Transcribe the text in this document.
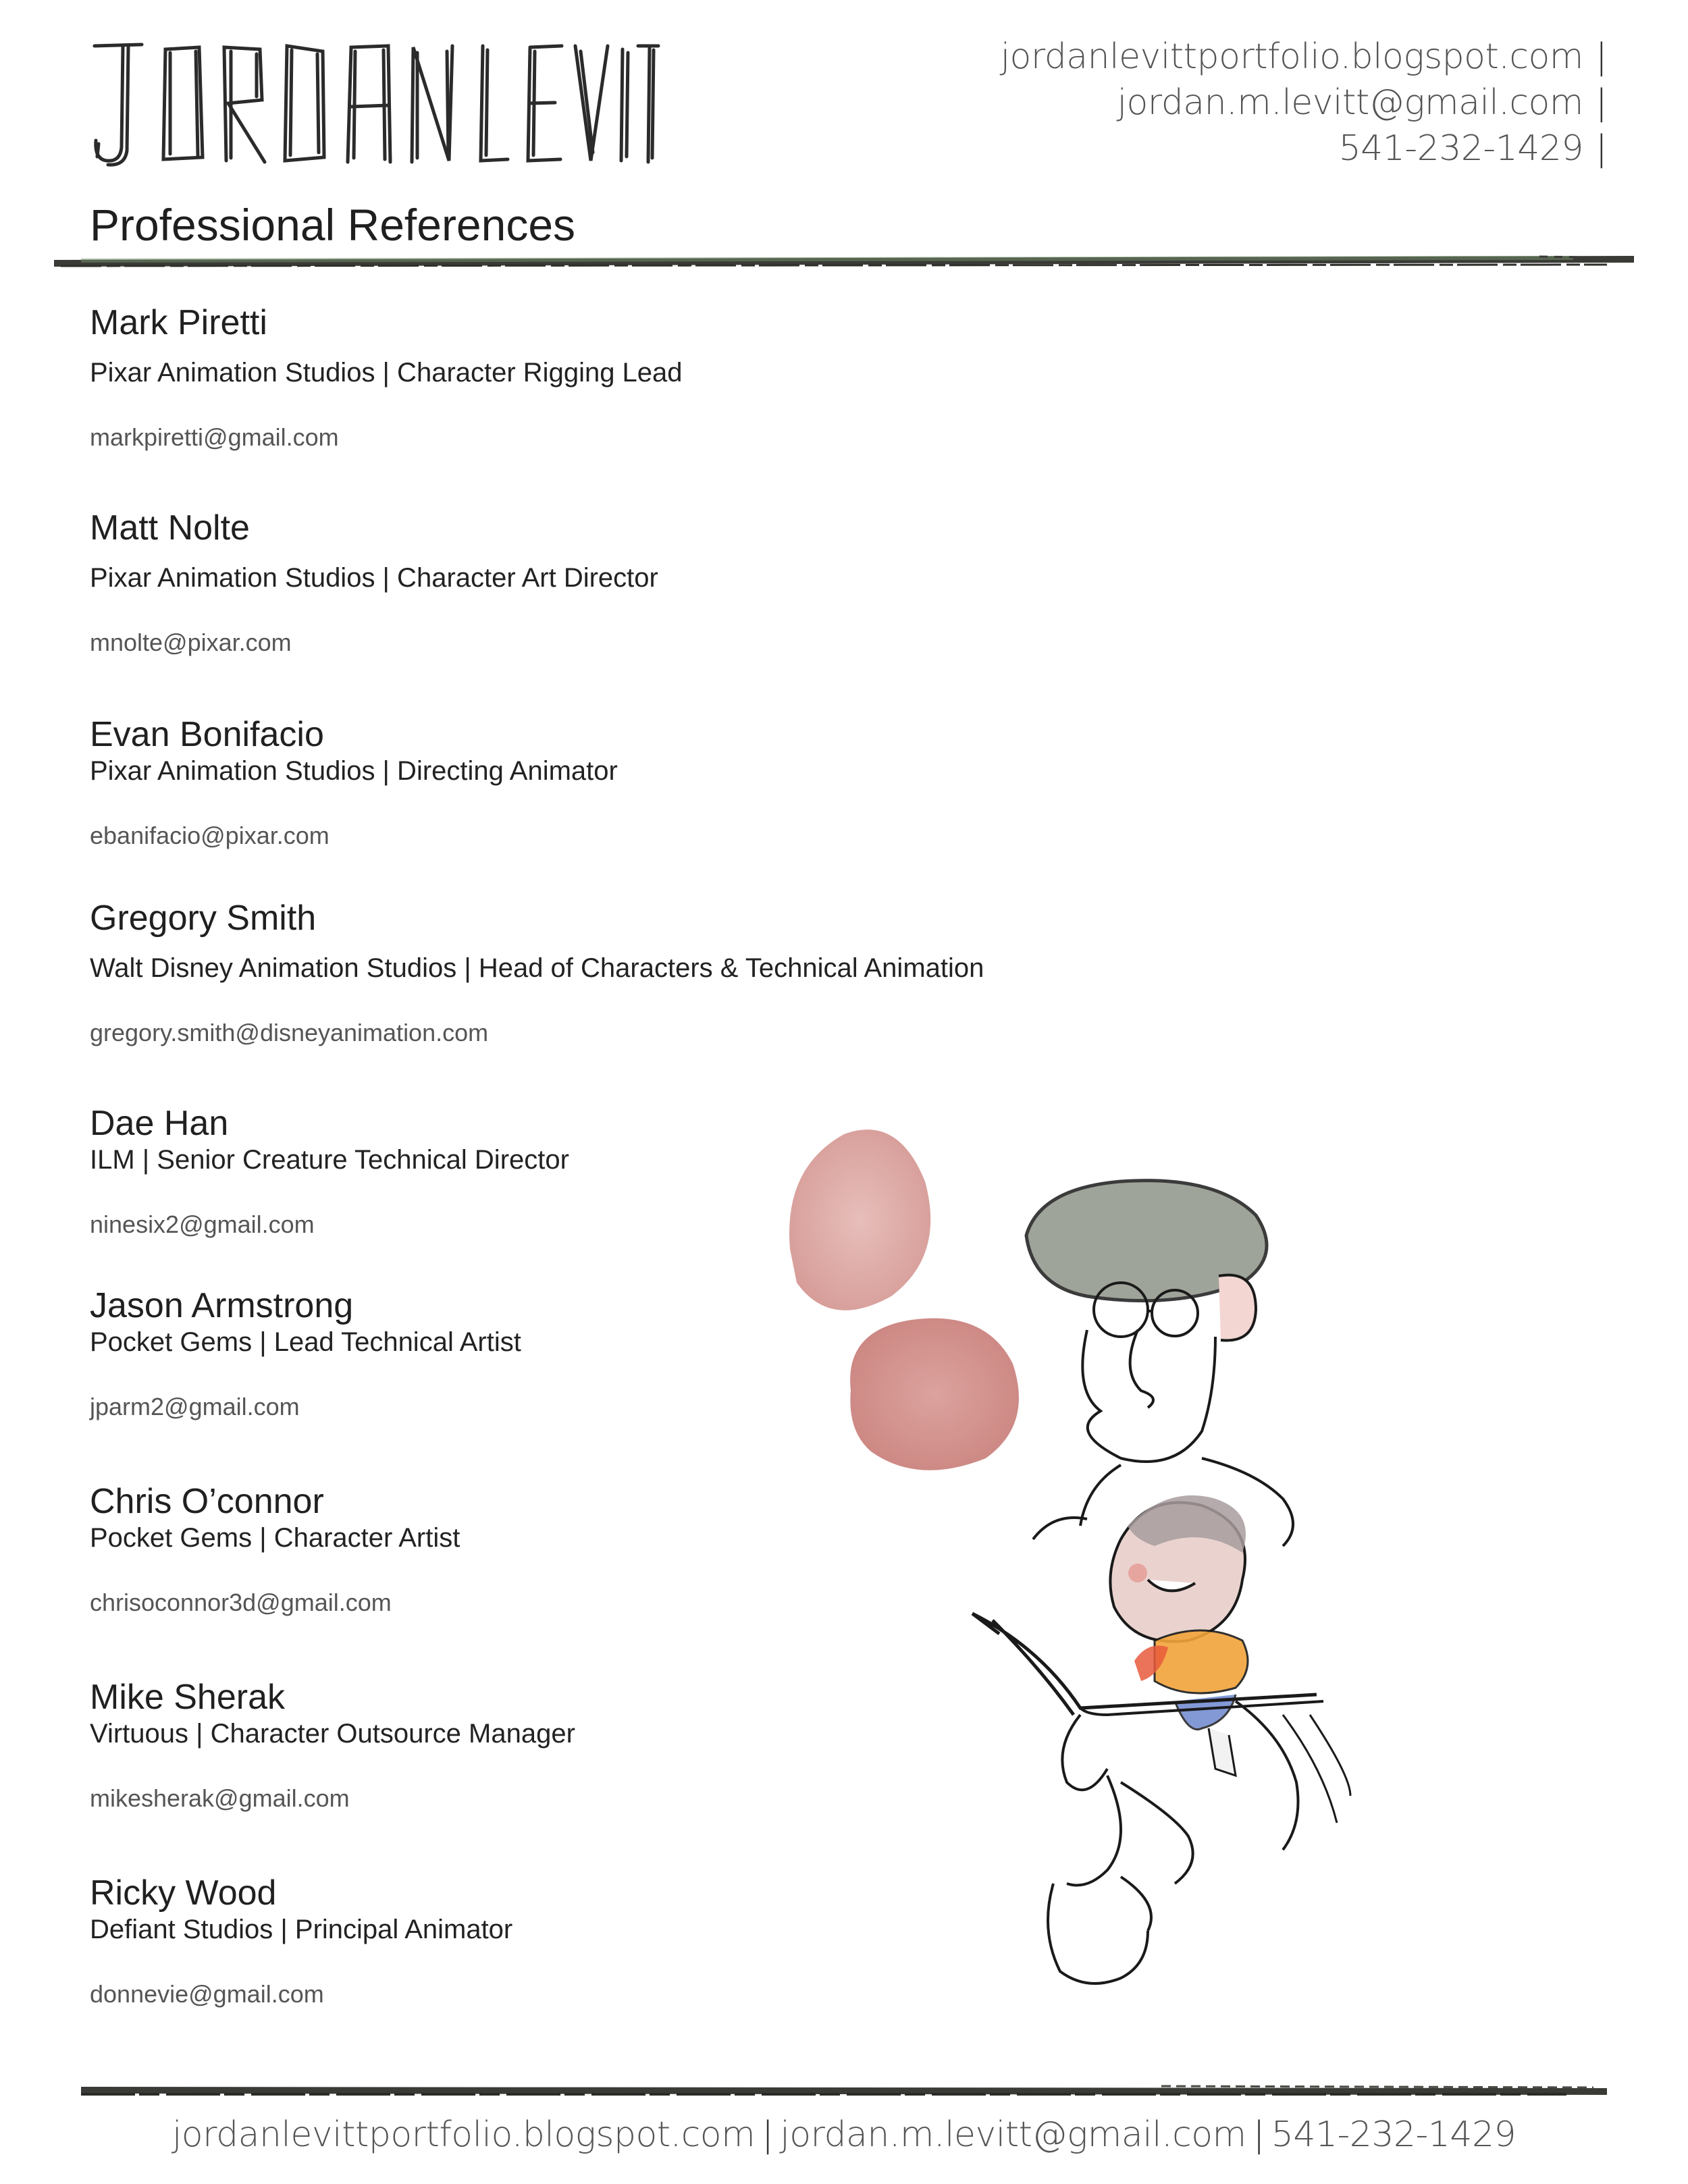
jordanlevittportfolio.blogspot.com |
jordan.m.levitt@gmail.com |
541-232-1429 |
Professional References
Mark Piretti
Pixar Animation Studios | Character Rigging Lead
markpiretti@gmail.com
Matt Nolte
Pixar Animation Studios | Character Art Director
mnolte@pixar.com
Evan Bonifacio
Pixar Animation Studios | Directing Animator
ebanifacio@pixar.com
Gregory Smith
Walt Disney Animation Studios | Head of Characters & Technical Animation
gregory.smith@disneyanimation.com
Dae Han
ILM | Senior Creature Technical Director
ninesix2@gmail.com
Jason Armstrong
Pocket Gems | Lead Technical Artist
jparm2@gmail.com
Chris O’connor
Pocket Gems | Character Artist
chrisoconnor3d@gmail.com
Mike Sherak
Virtuous | Character Outsource Manager
mikesherak@gmail.com
Ricky Wood
Defiant Studios | Principal Animator
donnevie@gmail.com
jordanlevittportfolio.blogspot.com | jordan.m.levitt@gmail.com | 541-232-1429
